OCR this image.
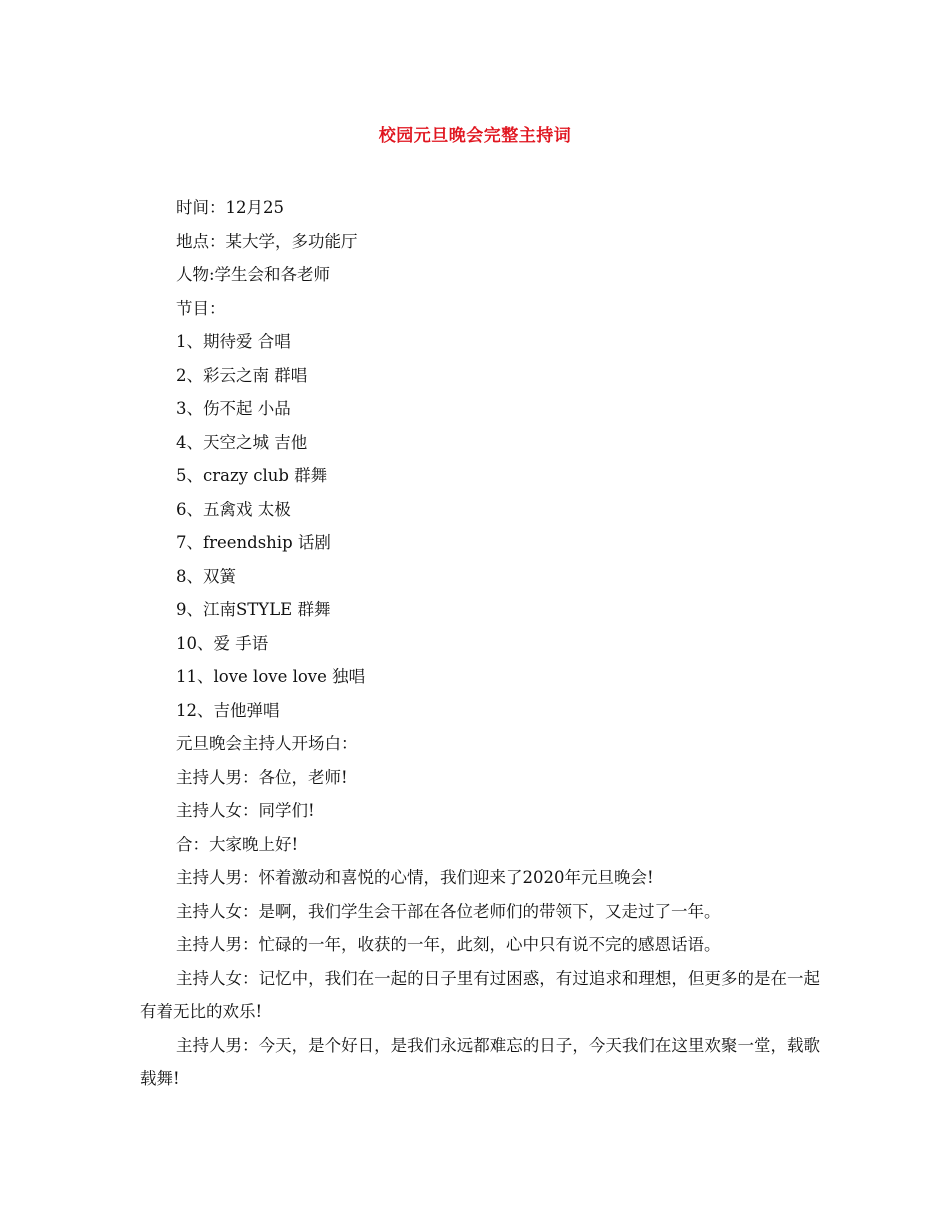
校园元旦晚会完整主持词
时间：12月25
地点：某大学，多功能厅
人物:学生会和各老师
节目：
1、期待爱 合唱
2、彩云之南 群唱
3、伤不起 小品
4、天空之城 吉他
5、crazy club 群舞
6、五禽戏 太极
7、freendship 话剧
8、双簧
9、江南STYLE 群舞
10、爱 手语
11、love love love 独唱
12、吉他弹唱
元旦晚会主持人开场白：
主持人男：各位，老师!
主持人女：同学们!
合：大家晚上好!
主持人男：怀着激动和喜悦的心情，我们迎来了2020年元旦晚会!
主持人女：是啊，我们学生会干部在各位老师们的带领下，又走过了一年。
主持人男：忙碌的一年，收获的一年，此刻，心中只有说不完的感恩话语。
主持人女：记忆中，我们在一起的日子里有过困惑，有过追求和理想，但更多的是在一起有着无比的欢乐!
主持人男：今天，是个好日，是我们永远都难忘的日子，今天我们在这里欢聚一堂，载歌载舞!
